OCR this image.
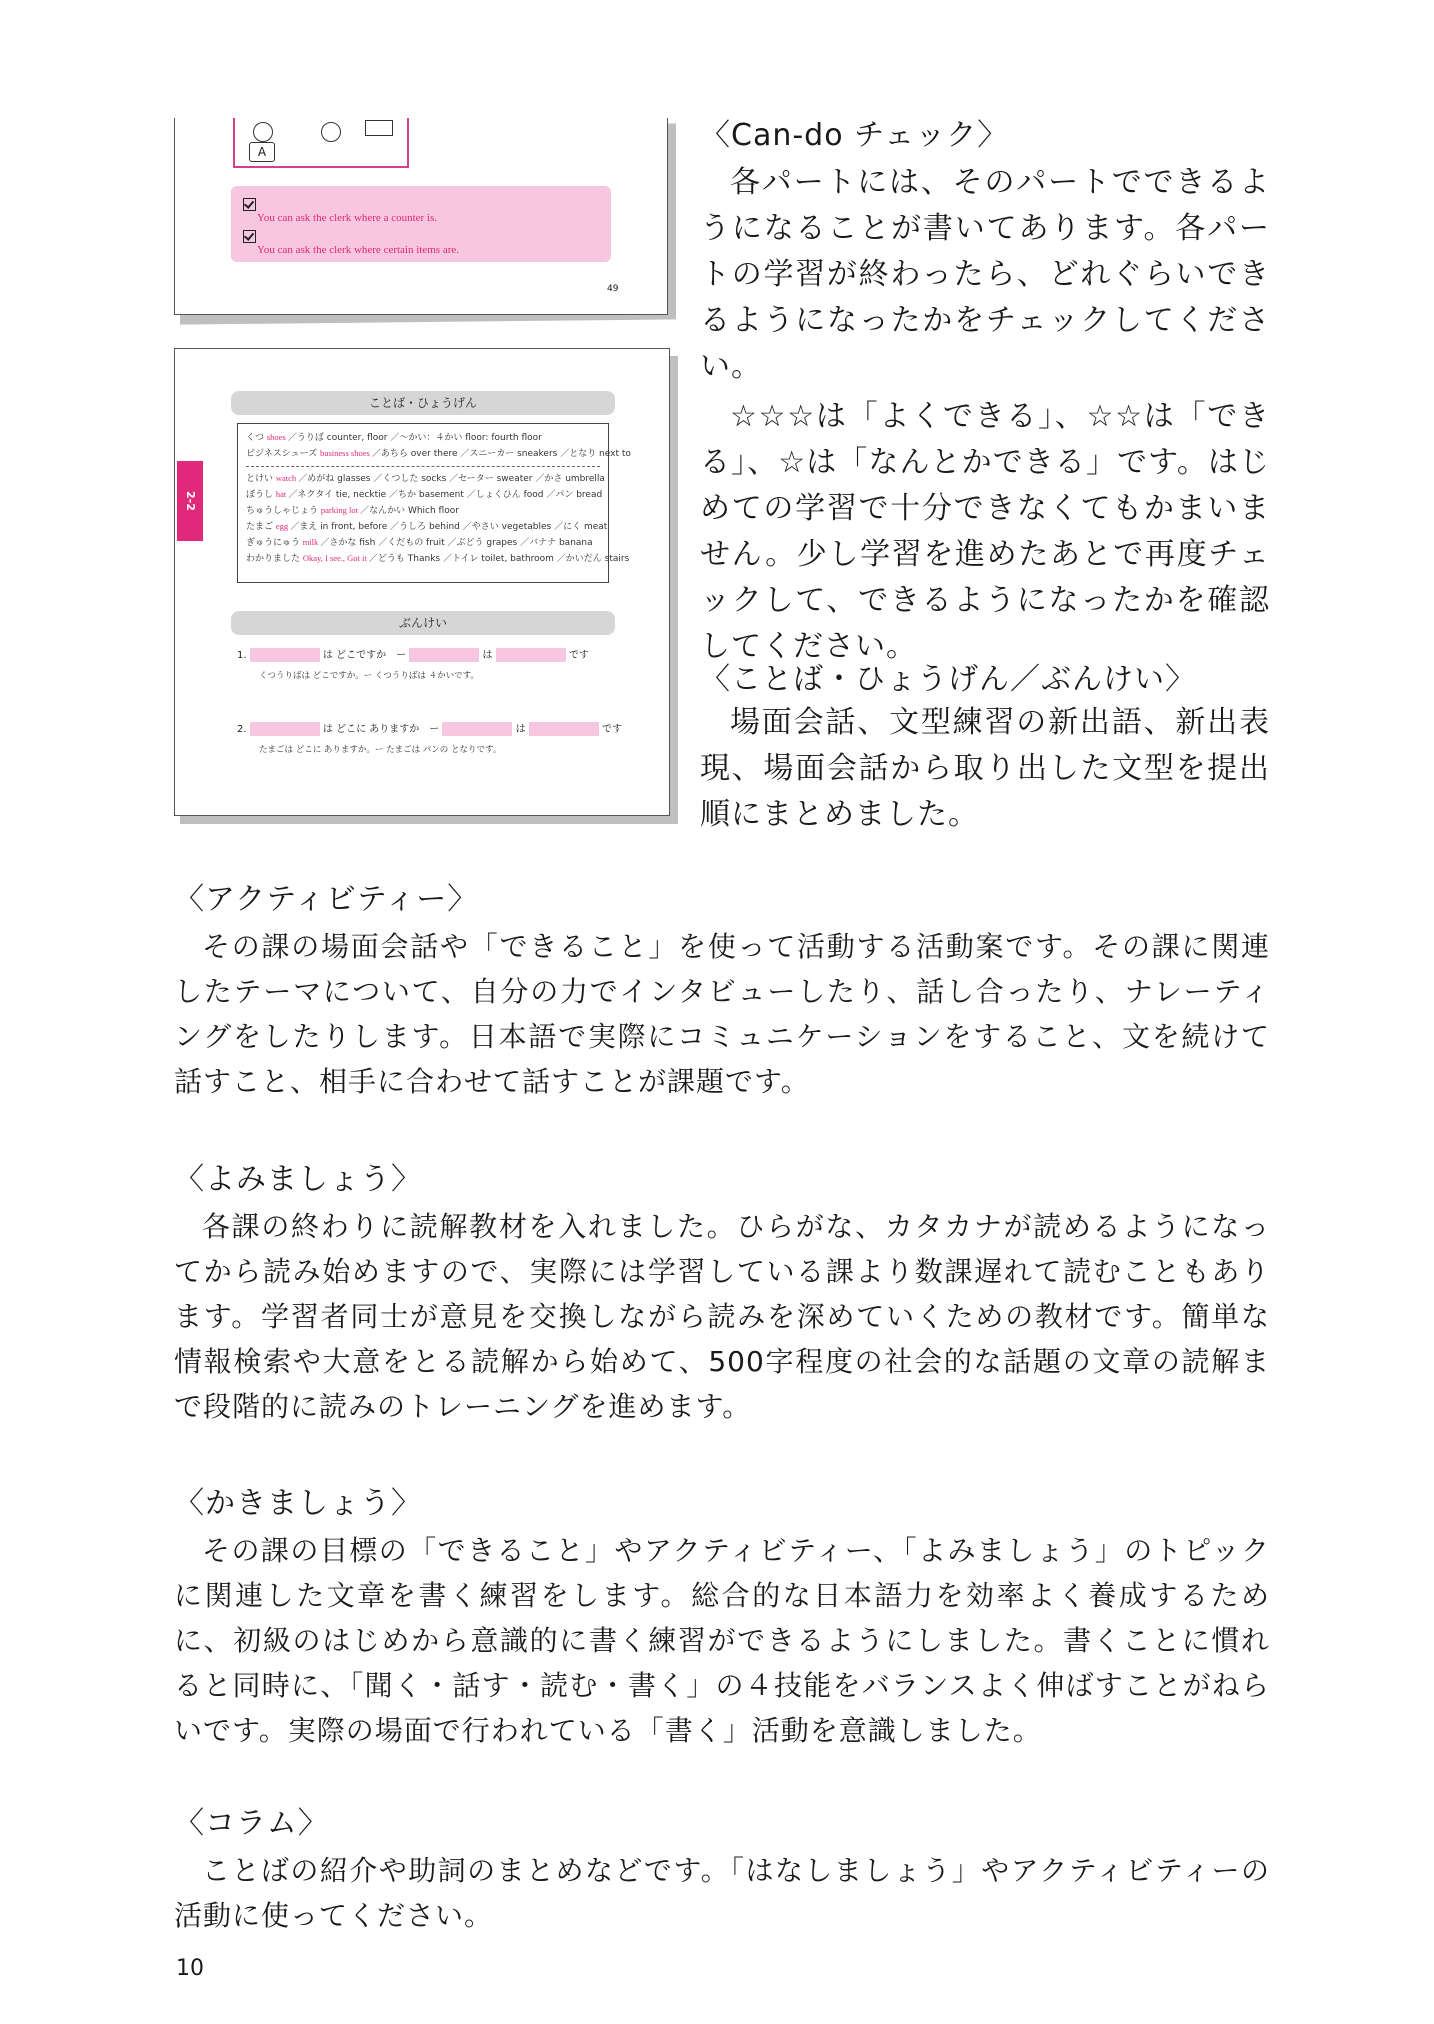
A
You can ask the clerk where a counter is.
You can ask the clerk where certain items are.
49
2-2
ことば・ひょうげん
くつ shoes ／うりば counter, floor ／〜かい：４かい floor: fourth floor
ビジネスシューズ business shoes ／あちら over there ／スニーカー sneakers ／となり next to
とけい watch ／めがね glasses ／くつした socks ／セーター sweater ／かさ umbrella
ぼうし hat ／ネクタイ tie, necktie ／ちか basement ／しょくひん food ／パン bread
ちゅうしゃじょう parking lot ／なんかい Which floor
たまご egg ／まえ in front, before ／うしろ behind ／やさい vegetables ／にく meat
ぎゅうにゅう milk ／さかな fish ／くだもの fruit ／ぶどう grapes ／バナナ banana
わかりました Okay, I see., Got it ／どうも Thanks ／トイレ toilet, bathroom ／かいだん stairs
ぶんけい
1.	は どこですか　ー	は	です
くつうりばは どこですか。ー くつうりばは ４かいです。
2.	は どこに ありますか　ー	は	です
たまごは どこに ありますか。ー たまごは パンの となりです。
〈Can-do チェック〉

各パートには、そのパートでできるようになることが書いてあります。各パートの学習が終わったら、どれぐらいできるようになったかをチェックしてください。

☆☆☆は「よくできる」、☆☆は「できる」、☆は「なんとかできる」です。はじめての学習で十分できなくてもかまいません。少し学習を進めたあとで再度チェックして、できるようになったかを確認してください。

〈ことば・ひょうげん／ぶんけい〉

場面会話、文型練習の新出語、新出表現、場面会話から取り出した文型を提出順にまとめました。

〈アクティビティー〉

その課の場面会話や「できること」を使って活動する活動案です。その課に関連したテーマについて、自分の力でインタビューしたり、話し合ったり、ナレーティングをしたりします。日本語で実際にコミュニケーションをすること、文を続けて話すこと、相手に合わせて話すことが課題です。

〈よみましょう〉

各課の終わりに読解教材を入れました。ひらがな、カタカナが読めるようになってから読み始めますので、実際には学習している課より数課遅れて読むこともあります。学習者同士が意見を交換しながら読みを深めていくための教材です。簡単な情報検索や大意をとる読解から始めて、500字程度の社会的な話題の文章の読解まで段階的に読みのトレーニングを進めます。

〈かきましょう〉

その課の目標の「できること」やアクティビティー、「よみましょう」のトピックに関連した文章を書く練習をします。総合的な日本語力を効率よく養成するために、初級のはじめから意識的に書く練習ができるようにしました。書くことに慣れると同時に、「聞く・話す・読む・書く」の４技能をバランスよく伸ばすことがねらいです。実際の場面で行われている「書く」活動を意識しました。

〈コラム〉

ことばの紹介や助詞のまとめなどです。「はなしましょう」やアクティビティーの活動に使ってください。

10
